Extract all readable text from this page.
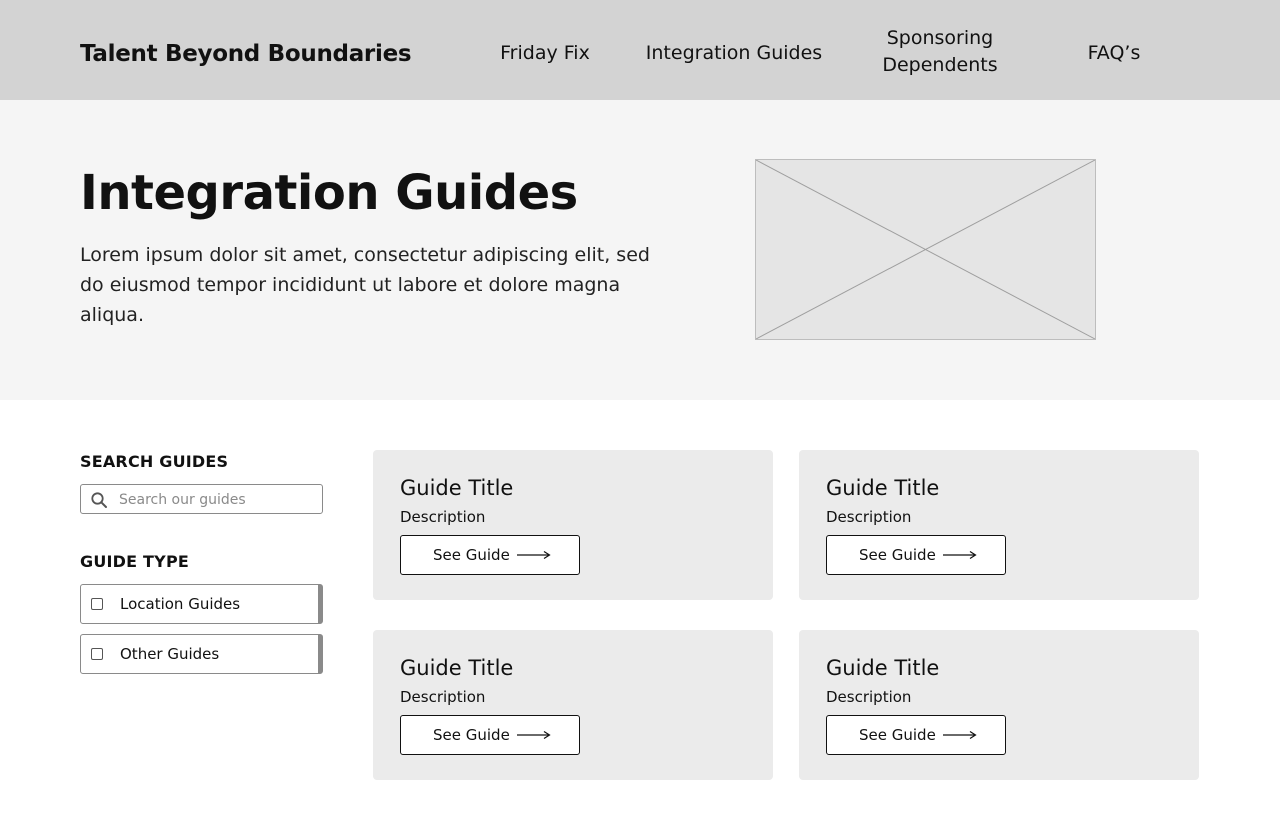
Talent Beyond Boundaries	Friday Fix	Integration Guides
Sponsoring Dependents
FAQ’s
Integration Guides

Lorem ipsum dolor sit amet, consectetur adipiscing elit, sed do eiusmod tempor incididunt ut labore et dolore magna aliqua.

SEARCH GUIDES
Search our guides
GUIDE TYPE
Location Guides
Other Guides
Guide Title
Description
See Guide
Guide Title
Description
See Guide
Guide Title
Description
See Guide
Guide Title
Description
See Guide
